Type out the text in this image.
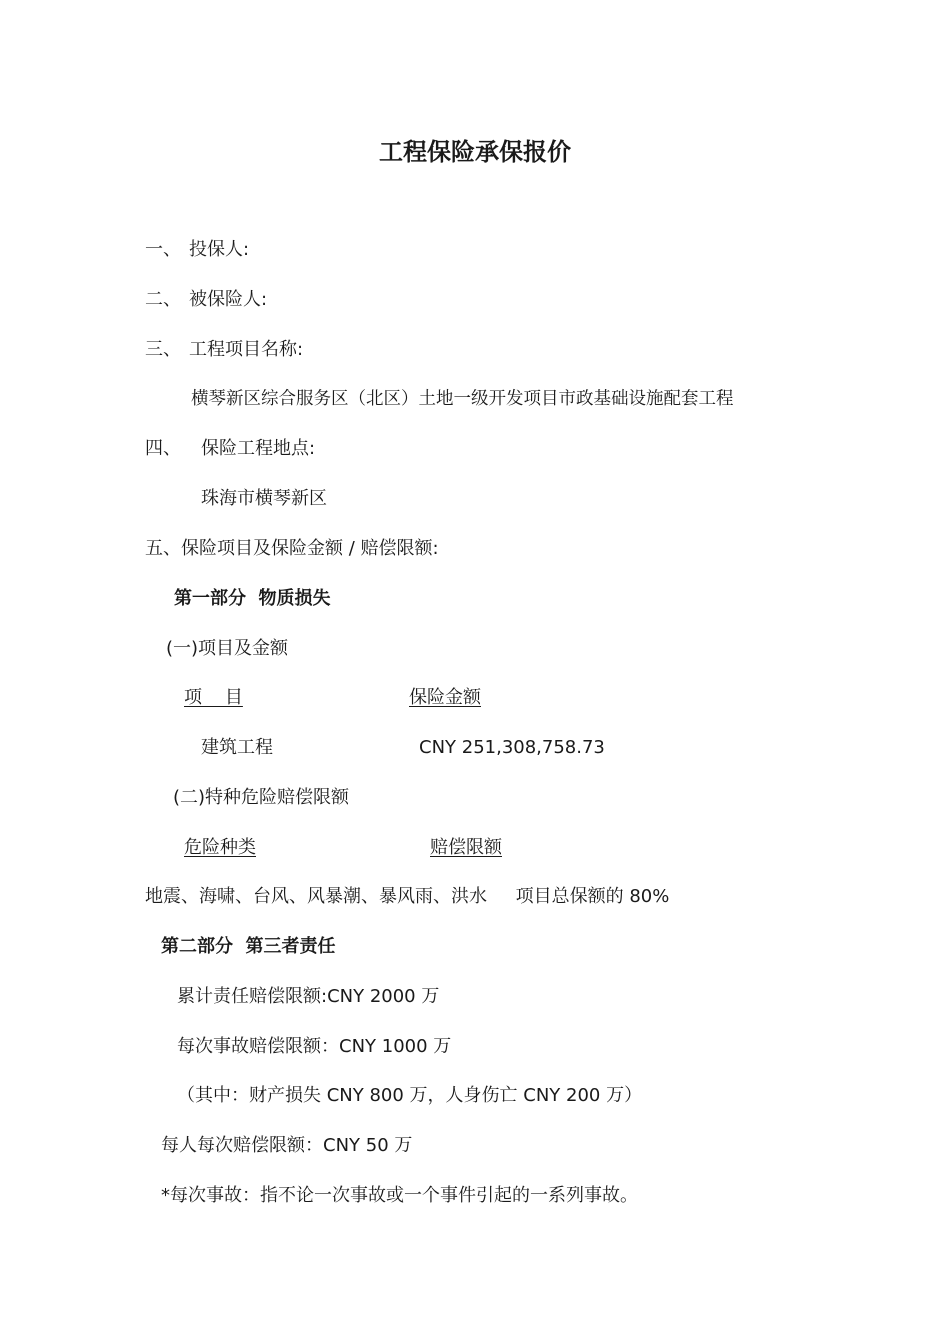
工程保险承保报价
一、 投保人:
二、 被保险人:
三、 工程项目名称:
横琴新区综合服务区（北区）土地一级开发项目市政基础设施配套工程
四、 保险工程地点:
珠海市横琴新区
五、保险项目及保险金额 / 赔偿限额:
第一部分  物质损失
(一)项目及金额
项    目	保险金额
建筑工程	CNY 251,308,758.73
(二)特种危险赔偿限额
危险种类	赔偿限额
地震、海啸、台风、风暴潮、暴风雨、洪水     项目总保额的 80%
第二部分  第三者责任
累计责任赔偿限额:CNY 2000 万
每次事故赔偿限额：CNY 1000 万
（其中：财产损失 CNY 800 万，人身伤亡 CNY 200 万）
每人每次赔偿限额：CNY 50 万
*每次事故：指不论一次事故或一个事件引起的一系列事故。
